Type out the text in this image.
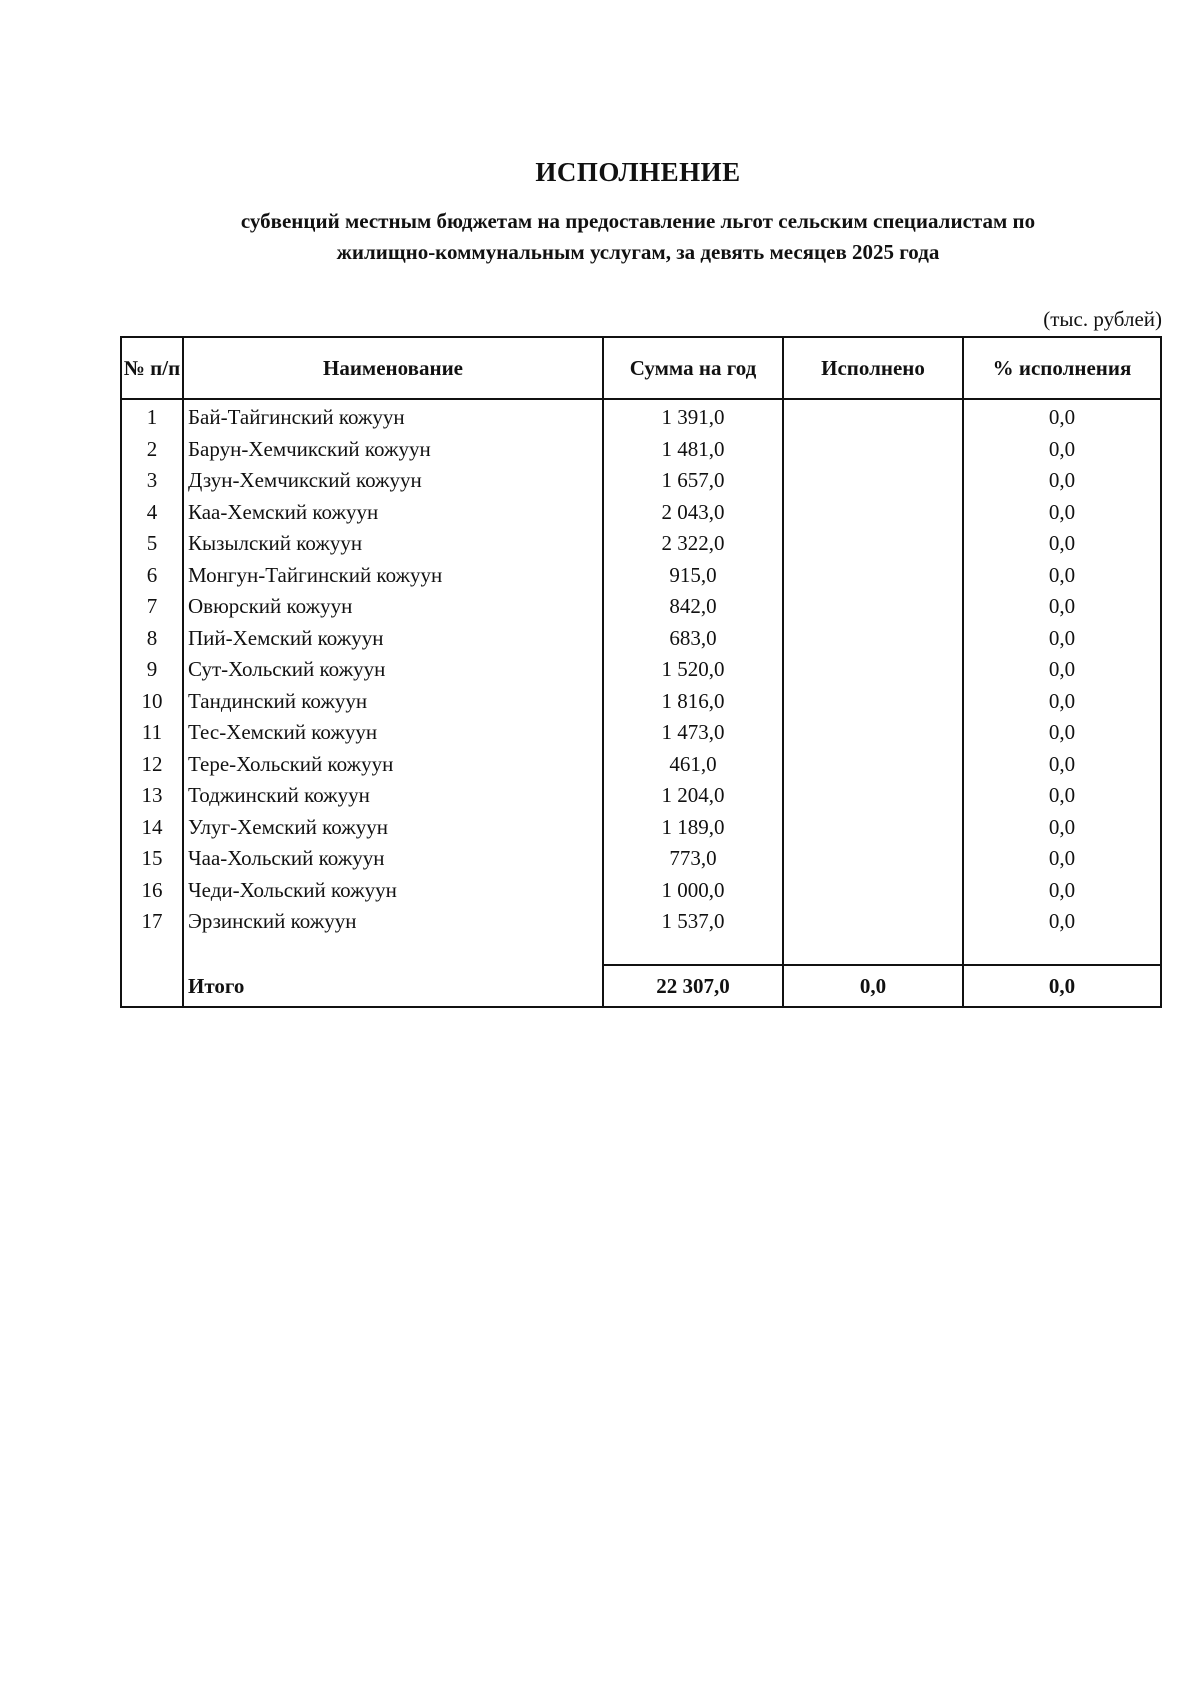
ИСПОЛНЕНИЕ
субвенций местным бюджетам на предоставление льгот сельским специалистам по
жилищно-коммунальным услугам, за девять месяцев 2025 года
(тыс. рублей)
№ п/п	Наименование	Сумма на год	Исполнено	% исполнения
1	Бай-Тайгинский кожуун	1 391,0		0,0
2	Барун-Хемчикский кожуун	1 481,0		0,0
3	Дзун-Хемчикский кожуун	1 657,0		0,0
4	Каа-Хемский кожуун	2 043,0		0,0
5	Кызылский кожуун	2 322,0		0,0
6	Монгун-Тайгинский кожуун	915,0		0,0
7	Овюрский кожуун	842,0		0,0
8	Пий-Хемский кожуун	683,0		0,0
9	Сут-Хольский кожуун	1 520,0		0,0
10	Тандинский кожуун	1 816,0		0,0
11	Тес-Хемский кожуун	1 473,0		0,0
12	Тере-Хольский кожуун	461,0		0,0
13	Тоджинский кожуун	1 204,0		0,0
14	Улуг-Хемский кожуун	1 189,0		0,0
15	Чаа-Хольский кожуун	773,0		0,0
16	Чеди-Хольский кожуун	1 000,0		0,0
17	Эрзинский кожуун	1 537,0		0,0

	Итого	22 307,0	0,0	0,0
